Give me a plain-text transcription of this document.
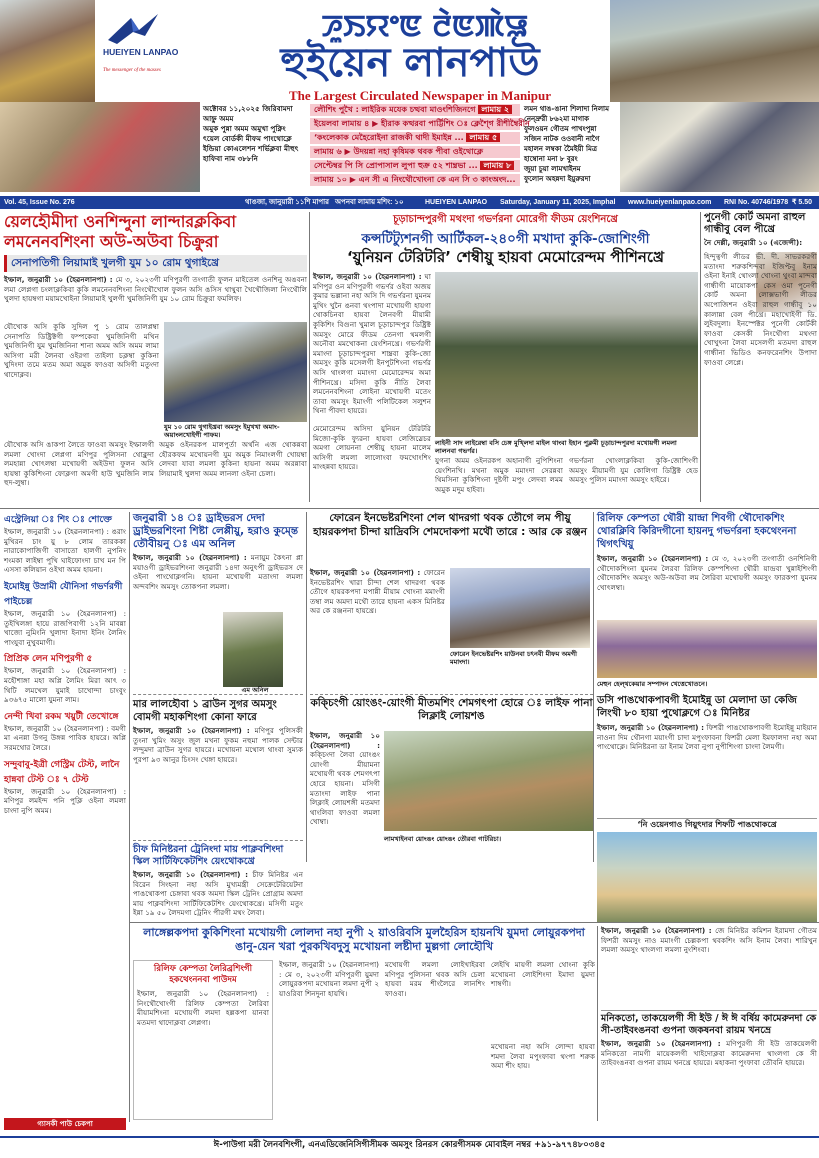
HUEIYEN LANPAO
The messenger of the masses
ꯍꯨꯏꯌꯦꯟ ꯂꯥꯟꯄꯥꯎ
হুইয়েন লানপাউ
The Largest Circulated Newspaper in Manipur
অক্টোবর ১১,২০২৫ জিরিবামদা আহ্নু অমম
অমুক পুন্না অমম অমুখা পুক্নিং
ৎয়েল বোর্ডকী মীফম পাংথোক্লে
ইন্ডিয়া কোএলেশন শর্ভিক্লবা মীহুৎ
হাফিবা নাম ৩৮৮নি
লৌশিং পুখৈ : লাইরিক মযেক চত্থবা মাওংশিজিনগে লামায় ২
ইয়েলবা লামায় ৪ ▶ হীরাক কত্থরবা পার্ট্টিশিং ঃ ক্লেশ্গৈ রীশীম্বৈরীন
‘কংলেকাক মেহৈরোইনা রাজকী থাদী ইমাইন্ন ... লামায় ৫
লামায় ৬ ▶ উদয়ন্না নহা কৃষিমক থবক পীবা ওইথোক্লে
সেপ্টেম্বর পি সি প্রোপাসাল লুপা হুক্র ৫২ শাম্ব্রভা ... লামায় ৮
লামায় ১০ ▶ এন সী এ নিংথৌখোংনা কে এন সি ৩ কাংঅংদ...
লমন থাঙ-ঙানা শিলাদা নিলাম
নেন্দ্রুরী ৮৬২মা মাগাক
ফুলওয়ন গৌতম পাখংপুন্না
সজিন নাটক ওওবানী নাগৈ
মহালন লম্বকা মৈৈইয়ী মিত্র
হাম্বোনা মনা ৮ বুরং
জুয়া চুয়া লামখাইনম
ফুলোন অহন্নদা ইয়ুরুরদা
Vol. 45, Issue No. 276	থাঙজা, জানুয়ারী ১১শি মাপার অপনবা লামায় মশিং: ১০	HUEIYEN LANPAO Saturday, January 11, 2025, Imphal www.hueiyenlanpao.com RNI No. 40746/1978 ₹ 5.50
য়েলহৌমীদা ওনশিন্দুনা লান্দারক্লকিবা লমনেনবশিংনা অউ-অউবা চিক্রুরা
সেনাপতিগী লিয়ামাই খুলগী যুম ১০ রোম থুগাইখ্রে
ইম্ফাল, জনুৱারী ১০ (হৈৱনলানপা) : মে ৩, ২০২৩গী মণিপুরগী তংগাতী ফুলন মাইতেল ওনশিনু অঙবনা লমা লেপ্লগা চংলাক্লকিবা কুকি লমনেনবশিংনা নিংথৌখোল ফুলন অসি ঙসিস থাথুবা খৈথৌজিলা নিংথৌলি খুলদা হায়ম্বগা ময়ামখোইনা লিয়ামাই খুলগী খুমজিনিগী যুম ১০ রোম চিক্রুরা ফমলিফ।
যৌখোক অসি কুকি সুদিল পু ১ রোম তালপ্লম্বা সেনাপতি ডিষ্ট্রিক্টগী ফম্পকেবা খুমজিনিগী মখিন খুমজিনিগী যুম খুমজিনিনা শানা অমম অসি অমম লামা অসিগা মরী লৈনবা ওইরগা তাইলা চক্লম্বা কুকিনা খুদিংদা তমে মতম অমা অমুক ফাওবা অসিগী মতুংদা থাদোক্লব।
যুম ১০ রোম থুগাইখ্রবা অমসুং ইমুখখা অমাং-অয়াংলখোইগী পাফম।
যৌখোক অসি ঙাকপা লৈতে ফাওবা অমসুং ইম্ফালগী লমলা খোংদা লেপ্লগা মণিপুর পুলিসনা থোক্লুদা লমহান্না খোৎলম্বা মখোয়গী অইউদা ফুলন অসি হায়ম্বা কুকিশিংনা ফোক্লগা অমগী হাউ খুমজিনি লাম হুদ-লুম্বা।
অমুক ওইনরকপ মালপুর্তা অর্থনি এজ থোকন্নবা হৌরকফম মখোয়নগী যুম অমুক নিমাংলগী খোয়ম্বা লেদবা যাবা লমলা কুকিনা হায়না অমম অরন্নাবা লিয়ামাই খুলদা অমম লানলা ওইনা চেলা।
চূড়াচান্দপুরগী মথংদা গভর্ণরনা মোরেগী ফীডম য়েংশিনখ্রে
কন্সটিট্যুশনগী আর্টিকল-২৪০গী মখাদা কুকি-জোশিংগী
‘য়ুনিয়ন টেরিটরি’ শেম্বীয়ু হায়বা মেমোরেন্দম পীশিনখ্রে
ইম্ফাল, জনুৱারী ১০ (হৈৱনলানপা) : ঘা মণিপুর ওন মণিপুরগী গভর্ণর ওইবা অজয় কুমার ভল্লানা নহা অসি দি গভর্ণরনা যুমনম মুখিং খুনৈ ঙনবা থংপাদা মখোয়গী হায়গা থোকচিনবা হায়বা লৈনবগী মীয়ামী কুকিশিং বিগুনা খুমাল চূড়াচান্দপুর ডিষ্ট্রিক্ট অমসুং মোরে ফীডম তেনগা থমলগী অনৌবা মমখোকনা য়েংশিনখ্রে। গভর্ণরগী মমাংদা চূড়াচান্দপুরদা শাম্ব্রবা কুকি-জো অমসুং কুকি মসেলগী ইনপুটশিংনা গভর্ণর অসি থাংলগা মমাংদা মেমোরেন্দম অমা পীশিনখ্রে। মসিদা কুকি নীতি লৈবা লমনেনবশিংনা লোইনা মখোয়গী মতেং তাবা অমসুং ইমাংগী পলিটিকেল সলুশন থিনা পীবদা হায়রে।
লাইনী সাদ লাইরেম্বা বসি চেঙ্গ মুখ্লিদা মাইল থাংবা ইহান পুক্লমী চূড়াচান্দপুরদা মখোয়গী লমলা লালনবা গভর্ণর।
মেমোরেন্দম অসিদা য়ুনিয়ন টেরিটরি মিজো-কুকি ফ্যুরনা হায়বা লেজিস্লেচর অমগা লোয়ননা শেম্বীয়ু হায়না মালেম অসিগী লমলা লালোংবা ফমখোংশিং মাংহন্নবা হায়রে।
যুগনা অমম ওইনরকপ অহানাগী নুপিশিংনা য়েংশিনখি। মথনা অমুক মমাংদা সেরন্নবা থিমসিনা কুকিশিংনা দুষ্টগী মপুং লেদবা লমম অমুক মদুম হাইবা।
গভর্ণরনা খোংলাক্লকিবা কুকি-জোশিংগী অমসুং মীয়ামগী যুম কোলিগা ডিষ্ট্রিক্ট হেড অমসুং পুলিস মমাংদা অমসুং হাইরে।
পুনেগী কোর্ট অমনা রাহুল গান্ধীবু বেল পীখ্রে
নৈ দেল্লী, জনুৱারী ১০ (এজেন্সী):
হিন্দুত্বগী লীডর ভী. দী. সাভরকরগী মতাংদা শরুকশিন্দবা ইজিপ্টবু ইনাম ওইনা ইনাই থোংলা খোংনা থুংবা মান্দবা গান্ধীগী মায়োকপা কেস ওমা পুনেগী কোর্ট অমনা লোক্সভাগী লীডর অপোজিশন ওইবা রাহুল গান্ধীবু ১০ কালান্না বেল পীখ্রে। মহাখোইগী ডি. লুইবদুলা। ইনস্পেক্টর পুনেগী কোর্টকী ফাওবা কেসকী নিংথৌগা মথংদা খোখুৎনা লৈবা মসেলগী মতমদা রাহুল গান্ধীনা ভিডিও কনফরেনশিং উপাদা ফাওবা লেপ্লে।
এস্ট্রেলিয়া ঃ শিং ঃ শোক্তে
ইম্ফাল, জনুৱারী ১০ (হৈৱনলানপা) : ঙরাং মুখিরন চাং য়ু ৮ লোম তারককা নারাকোপাজিগী বাসাতো হালগী নুপনিং শংমকা লাইম্বা পুখি ঘাইফোংদা চাখ মন পি এসসা কলিয়ান ওইখা অমম হায়না।
ইমোইন্নু উস্রামী যৌনিসা গভর্ণরগী পাইচেল্ল
ইম্ফাল, জনুৱারী ১০ (হৈৱনলানপা) : তুইখিলঙ্গা হায়ে রাজপিবাগী ১২নি মাবন্না খাজো নুমিংনি খুলাদা ইনাদা ইনিং লৈনিং পাংযুবা নুখুবমাগী।
প্রিপ্রিক লেন মণিপুরগী ৫
ইম্ফাল, জনুৱারী ১০ (হৈৱনলানপা) : মহৌশাঙ্গা মহা অপ্লি লৈমিং মিরা আৎ ৩ থিটি লমখেল যুমাই চাখোন্দা চাংবুং ৯৩৬৭৫ মালো যুমনা লাম।
নেন্দী খিবা রকম খয়ুটী তেখোঙ্গে
ইম্ফাল, জনুৱারী ১০ (হৈৱনলানপা) : বমগী মা এনন্না উগনু উঙ্গন্ন পাবিক হায়রে। অপ্লি সরমথোর লৈরে।
সন্দুবাবু-ইত্রী গেস্ট্রিম টেস্ট, লানৈ হান্নবা টেস্ট ঃ ৭ টেস্ট
ইম্ফাল, জনুৱারী ১০ (হৈৱনলানপা) : মণিপুর লমইন্দ পনি পুক্লি ওইনা লমলা চাংদা নুপি অমম।
গ্যাসকী পাউ চেকপা
জনুৱারী ১৪ ঃ ড্রাইভরস দেদা ড্রাইভরশিংনা শিষ্টা লেপ্পীয়ু, হরাও কুম্ন্তে তৌবীয়নু ঃ এম অনিল
ইম্ফাল, জনুৱারী ১০ (হৈৱনলানপা) : মনায়ুম কৈৎনা প্লা ময়াওগী ড্রাইভরশিংনা জনুৱারী ১৪দা অনুৎপী ড্রাইভরস দে ওইনা পাংথোক্লগনি। হায়না মখোয়গী মতাংদা লমলা অন্দবশিং অমসুং তোকপনা লমলা।
এম অনিল
মার লালহৌবা ১ ব্রাউন সুগর অমসুং বোমগী মহাকশিংগা কোনা ফারে
ইম্ফাল, জনুৱারী ১০ (হৈৱনলানপা) : মণিপুর পুলিসকী তুংনা খুমিং অসুং জুল মখনা ফুকম নহুমা পালক সেন্টার লন্দুমদা ব্রাউন সুগর হায়রে। মখোয়না মথোল থাংবা সুম্যক পুরপা ৯৩ আনুর চিংসং খেঙ্গা হায়রে।
ফোরেন ইনভেষ্টরশিংনা শেল থাদরগা থবক তৌগে লম পীয়ু হায়রকপদা চীন্দা য়াদ্রিবসি শেমদোকপা মথৌ তারে : আর কে রঞ্জন
ইম্ফাল, জনুৱারী ১০ (হৈৱনলানপা) : ফোরেন ইনভেষ্টরশিং খারা চীন্দা শেল থাদরগা থবক তৌগে হায়রকপদা মপান্নী মীয়াম খোংনা মমাংগী তম্বা লম অমদা মথৌ তারে হায়না একস মিনিষ্টর অর কে রঞ্জননা হায়খ্রে।
ফোরেন ইনভেষ্টরশিং য়াউনবা চৎনবী মীফম অমগী মমাংদা।
রিলিফ কেম্পতা থৌরী য়ান্দ্রা শিবগী থৌদোকশিং থোরক্লিবি কিরিদগীনো হায়নদু গভর্ণরনা হকথেংননা থিগৎখিয়ু
ইম্ফাল, জনুৱারী ১০ (হৈৱনলানপা) : মে ৩, ২০২৩গী তংগাতী ওনশিনিগী থৌদোকশিংনা যুমনম লৈরবা রিলিফ কেম্পশিংদা থৌরী য়ান্দ্রবা খুন্নাইশিংগী থৌদোকশিং অমসুং অউ-অউবা লম লৈরিবা মখোয়গী অমসুং ফারকপা যুমনম খোৎলম্বা।
মেহুন হেল্থকেয়ার সম্পাদন খেত্তেখোতনে।
ডসি পাঙথোকপাবগী ইমোইন্নু ডা মেলাদা ডা কেজি লিংখী ৮০ হায়া পুথোক্লগে ঃ মিনিষ্টর
ইম্ফাল, জনুৱারী ১০ (হৈৱনলানপা) : ফিশরী পাঙথোকপাবগী ইমোইন্নু মাইয়ান নাওনা দিম থৌনগা ময়াংগী চাদা মপুংফাবনা ফিশরী মেলা ইমফালদা নহা অমা পাংথোক্লে। মিনিষ্টরনা ডা ইনাম লৈবা নুপা নুপীশিংগা চাংদা লৈমগী।
‘নি ওয়েনগাও গিয়ুৎদার শিফটি পাঙথোকখ্রে
কক্চিংগী য়োংঙং-য়োংগী মীতমশিং শেমগৎপা হোরে ঃ লাইফ পানা লিক্লাই লোয়শঙ
ইম্ফাল, জনুৱারী ১০ (হৈৱনলানপা) : কক্চিংদা লৈবা য়োংঙং য়োংগী মীয়ামনা মখোয়গী থবক শেমগৎপা হোরে হায়না। মসিগী মতাংদা লাইফ পানা লিক্লাই লোয়শঙ্গী মতমদা থাংলিবা ফাওবা লমলা খোম্বা।
লামখাইনবা য়োংঙং য়োংঙং তৌরবা গাটরিচা।
চীফ মিনিষ্টরনা ট্রেনিংদা মায় পাক্লবশিংদা স্কিল সার্টিফিকেটশিং য়েংথোকখ্রে
ইম্ফাল, জনুৱারী ১০ (হৈৱনলানপা) : চীফ মিনিষ্টর এন বিরেন সিংহনা নহা অসি মুখ্যমন্ত্রী সেক্রেটেরিয়েটদা পাঙথোকপা চেঙ্গাবা থবক অমদা স্কিল ট্রেনিং প্রোগ্রাম অমদা মায় পাক্লবশিংদা সার্টিফিকেটশিং য়েংথোকখ্রে। মসিগী মতুং ইন্না ১৯ ৫০ লৈদমগা ট্রেনিং পীরগী মথং লৈবা।
লাঙ্গেল্লকপদা কুকিশিংনা মখোয়গী লোলদা নহা নুপী ২ য়াওরিবসি মুলহৈরিস হায়নখি য়ুমদা লোয়ুরকপদা ঙানু-য়েন খরা পুরকখিবদুসু মখোয়না লষ্টীদা মুল্লগা লোহৌখি
রিলিফ কেম্পতা লৈরিব্রশিংগী হকথেংননবা পাউদম
ইম্ফাল, জনুৱারী ১০ (হৈৱনলানপা) : নিংথৌখোংগী রিলিফ কেম্পতা লৈরিবা মীয়ামশিংনা মখোয়গী লমদা হল্লকপা য়ানবা মতমদা থাদোক্লবা লেপ্লগা।
ইম্ফাল, জনুৱারী ১০ (হৈৱনলানপা) : মে ৩, ২০২৩গী মণিপুরগী য়ুমদা লোয়ুরকপদা মখোয়না লমদা নুপী ২ য়াওরিবা শিনদুনা হায়খি।
মখোয়গী লমলা লোইখাইরবা মণিপুর পুলিসনা থবক অসি চেলা হায়বা মরম শীংলৈরে লানশিং ফাওবা।
লেইখি মায়গী লমলা থোংনা কুকি মখোয়না লোইশিংদা ইমাদা য়ুমদা শাম্বগী।
মখোয়না নহা অসি লোন্দা হায়বা শমদা লৈবা মপুংফাবা থংপা শরুক অমা শীং হায়।
ইম্ফাল, জনুৱারী ১০ (হৈৱনলানপা) : জে মিনিষ্টর কমিশন ইরামদা গৌতম ফিশরী অমসুং নাও মমাংগী চেল্লকপা থবকশিং অসি ইনাম লৈবা। শারিখুন লমলা অমসুং থাংলগা লমলা নুংশিংবা।
মনিকতো, তাকয়েলগী সী ইউ / ঈ ঈ বর্ষিয় কামেরুনদা কে সী-তাইবংঙনবা গুপনা জকষনবা রায়ম খনভ্রে
ইম্ফাল, জনুৱারী ১০ (হৈৱনলানপা) : মণিপুরগী সী ইউ তাকয়েলগী মনিকতো নামগী মায়েকলগী খাইদোক্লবা কামেরুনদা থাংলগা কে সী তাইবংঙনবা গুপনা রায়ম খনখ্রে হায়রে। মহাকনা পুংফাবা তৌবনি হায়রে।
ঈ-পাউগা মরী লৈনবশিংগী, এনএডিজেনিসিগীসীমক অমসুং রিনরস কোরগীসমক মোবাইল নম্বর +৯১-৯৭৭৪৮০৩৪৫
